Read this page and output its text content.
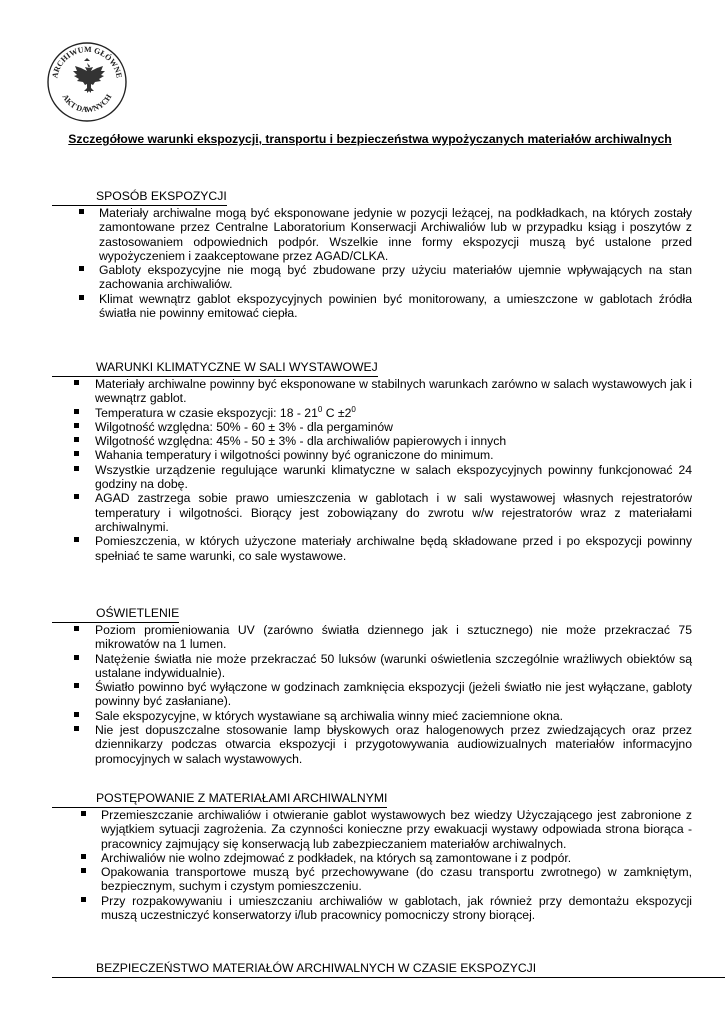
ARCHIWUM GŁÓWNE
AKT DAWNYCH
Szczegółowe warunki ekspozycji, transportu i bezpieczeństwa wypożyczanych materiałów archiwalnych
SPOSÓB EKSPOZYCJI
Materiały archiwalne mogą być eksponowane jedynie w pozycji leżącej, na podkładkach, na których zostały zamontowane przez Centralne Laboratorium Konserwacji Archiwaliów lub w przypadku ksiąg i poszytów z zastosowaniem odpowiednich podpór. Wszelkie inne formy ekspozycji muszą być ustalone przed wypożyczeniem i zaakceptowane przez AGAD/CLKA.
Gabloty ekspozycyjne nie mogą być zbudowane przy użyciu materiałów ujemnie wpływających na stan zachowania archiwaliów.
Klimat wewnątrz gablot ekspozycyjnych powinien być monitorowany, a umieszczone w gablotach źródła światła nie powinny emitować ciepła.
WARUNKI KLIMATYCZNE W SALI WYSTAWOWEJ
Materiały archiwalne powinny być eksponowane w stabilnych warunkach zarówno w salach wystawowych jak i wewnątrz gablot.
Temperatura w czasie ekspozycji: $18 - 21^0$ $C \pm 2^0$
Wilgotność względna: 50% - 60 ± 3% - dla pergaminów
Wilgotność względna: 45% - 50 ± 3% - dla archiwaliów papierowych i innych
Wahania temperatury i wilgotności powinny być ograniczone do minimum.
Wszystkie urządzenie regulujące warunki klimatyczne w salach ekspozycyjnych powinny funkcjonować 24 godziny na dobę.
AGAD zastrzega sobie prawo umieszczenia w gablotach i w sali wystawowej własnych rejestratorów temperatury i wilgotności. Biorący jest zobowiązany do zwrotu w/w rejestratorów wraz z materiałami archiwalnymi.
Pomieszczenia, w których użyczone materiały archiwalne będą składowane przed i po ekspozycji powinny spełniać te same warunki, co sale wystawowe.
OŚWIETLENIE
Poziom promieniowania UV (zarówno światła dziennego jak i sztucznego) nie może przekraczać 75 mikrowatów na 1 lumen.
Natężenie światła nie może przekraczać 50 luksów (warunki oświetlenia szczególnie wrażliwych obiektów są ustalane indywidualnie).
Światło powinno być wyłączone w godzinach zamknięcia ekspozycji (jeżeli światło nie jest wyłączane, gabloty powinny być zasłaniane).
Sale ekspozycyjne, w których wystawiane są archiwalia winny mieć zaciemnione okna.
Nie jest dopuszczalne stosowanie lamp błyskowych oraz halogenowych przez zwiedzających oraz przez dziennikarzy podczas otwarcia ekspozycji i przygotowywania audiowizualnych materiałów informacyjno promocyjnych w salach wystawowych.
POSTĘPOWANIE Z MATERIAŁAMI ARCHIWALNYMI
Przemieszczanie archiwaliów i otwieranie gablot wystawowych bez wiedzy Użyczającego jest zabronione z wyjątkiem sytuacji zagrożenia. Za czynności konieczne przy ewakuacji wystawy odpowiada strona biorąca - pracownicy zajmujący się konserwacją lub zabezpieczaniem materiałów archiwalnych.
Archiwaliów nie wolno zdejmować z podkładek, na których są zamontowane i z podpór.
Opakowania transportowe muszą być przechowywane (do czasu transportu zwrotnego) w zamkniętym, bezpiecznym, suchym i czystym pomieszczeniu.
Przy rozpakowywaniu i umieszczaniu archiwaliów w gablotach, jak również przy demontażu ekspozycji muszą uczestniczyć konserwatorzy i/lub pracownicy pomocniczy strony biorącej.
BEZPIECZEŃSTWO MATERIAŁÓW ARCHIWALNYCH W CZASIE EKSPOZYCJI
